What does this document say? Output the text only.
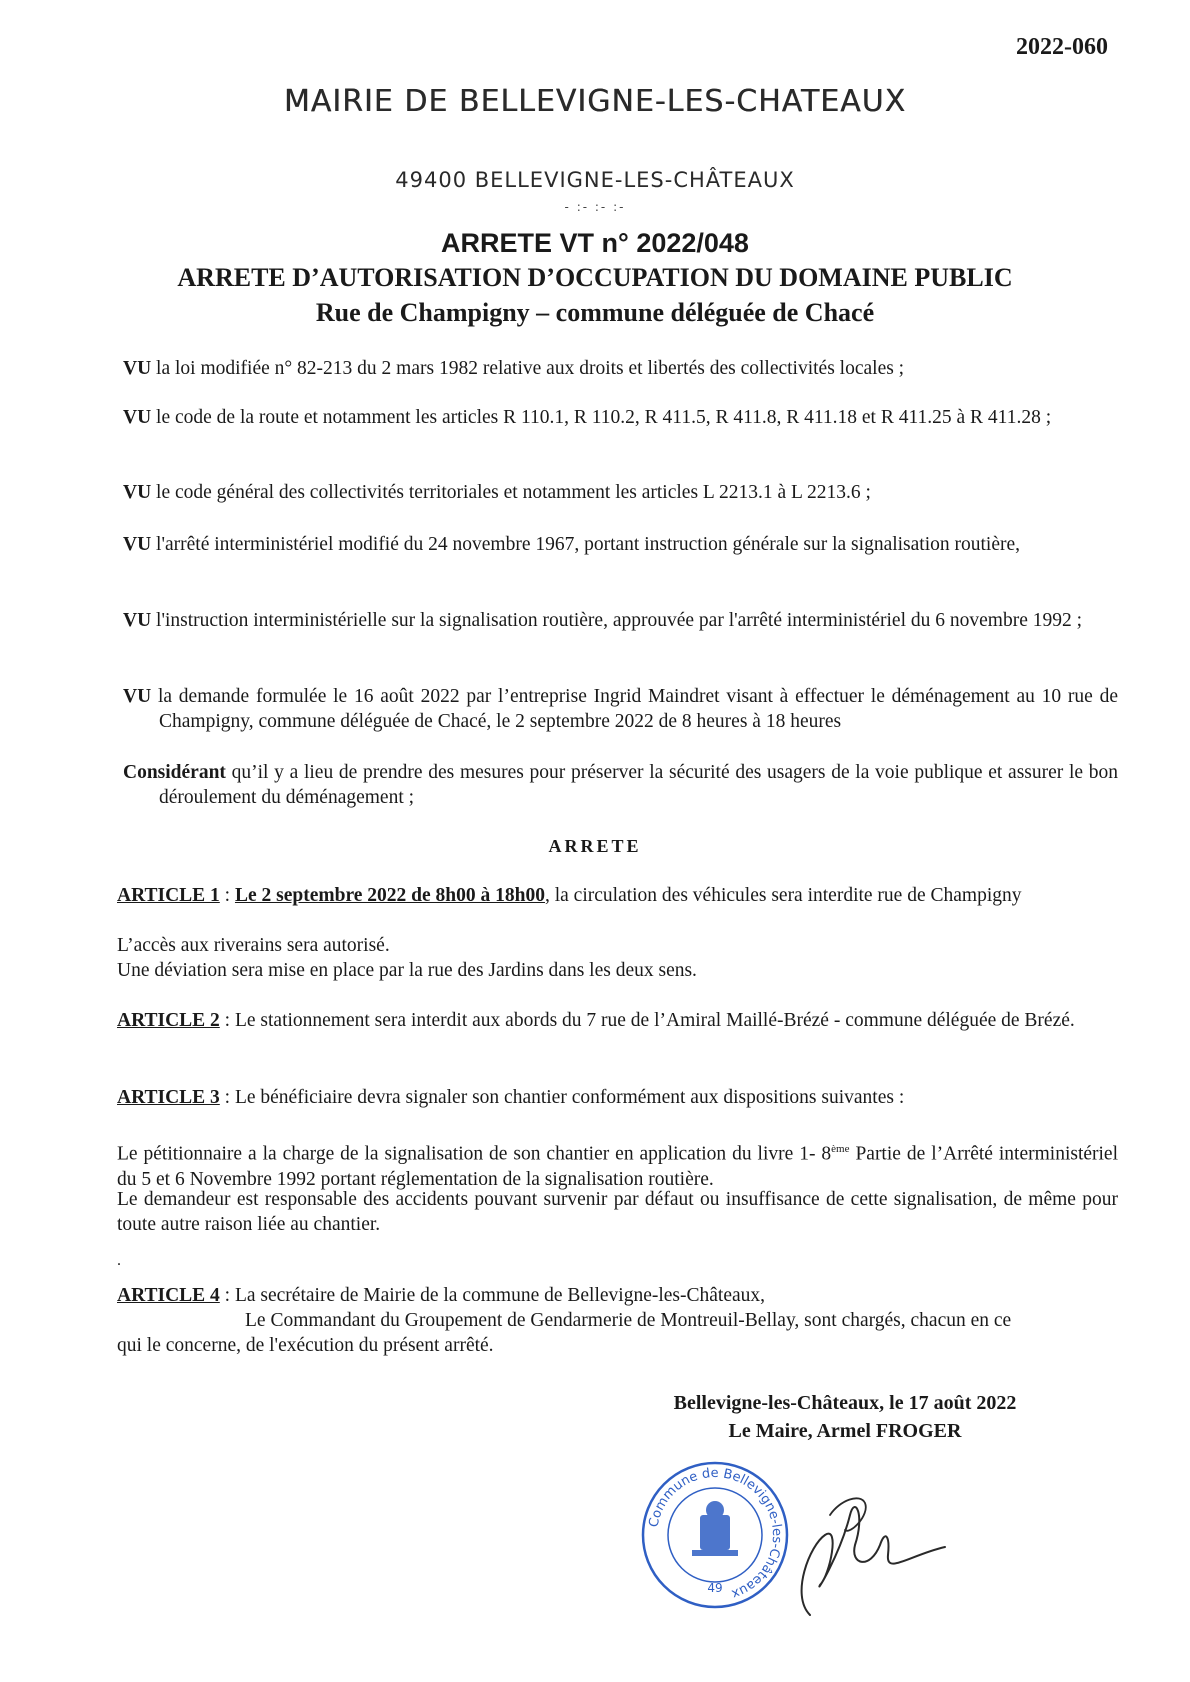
2022-060
MAIRIE DE BELLEVIGNE-LES-CHATEAUX
49400 BELLEVIGNE-LES-CHÂTEAUX
- :- :- :-
ARRETE VT n° 2022/048
ARRETE D’AUTORISATION D’OCCUPATION DU DOMAINE PUBLIC
Rue de Champigny – commune déléguée de Chacé
VU la loi modifiée n° 82-213 du 2 mars 1982 relative aux droits et libertés des collectivités locales ;
VU le code de la route et notamment les articles R 110.1, R 110.2, R 411.5, R 411.8, R 411.18 et R 411.25 à R 411.28 ;
VU le code général des collectivités territoriales et notamment les articles L 2213.1 à L 2213.6 ;
VU l'arrêté interministériel modifié du 24 novembre 1967, portant instruction générale sur la signalisation routière,
VU l'instruction interministérielle sur la signalisation routière, approuvée par l'arrêté interministériel du 6 novembre 1992 ;
VU la demande formulée le 16 août 2022 par l’entreprise Ingrid Maindret visant à effectuer le déménagement au 10 rue de Champigny, commune déléguée de Chacé, le 2 septembre 2022 de 8 heures à 18 heures
Considérant qu’il y a lieu de prendre des mesures pour préserver la sécurité des usagers de la voie publique et assurer le bon déroulement du déménagement ;
ARRETE
ARTICLE 1 : Le 2 septembre 2022 de 8h00 à 18h00, la circulation des véhicules sera interdite rue de Champigny
L’accès aux riverains sera autorisé.
Une déviation sera mise en place par la rue des Jardins dans les deux sens.
ARTICLE 2 : Le stationnement sera interdit aux abords du 7 rue de l’Amiral Maillé-Brézé - commune déléguée de Brézé.
ARTICLE 3 : Le bénéficiaire devra signaler son chantier conformément aux dispositions suivantes :
Le pétitionnaire a la charge de la signalisation de son chantier en application du livre 1- 8ème Partie de l’Arrêté interministériel du 5 et 6 Novembre 1992 portant réglementation de la signalisation routière.
Le demandeur est responsable des accidents pouvant survenir par défaut ou insuffisance de cette signalisation, de même pour toute autre raison liée au chantier.
.
ARTICLE 4 : La secrétaire de Mairie de la commune de Bellevigne-les-Châteaux,
Le Commandant du Groupement de Gendarmerie de Montreuil-Bellay, sont chargés, chacun en ce
qui le concerne, de l'exécution du présent arrêté.
Bellevigne-les-Châteaux, le 17 août 2022
Le Maire, Armel FROGER
Commune de Bellevigne-les-Châteaux
49
